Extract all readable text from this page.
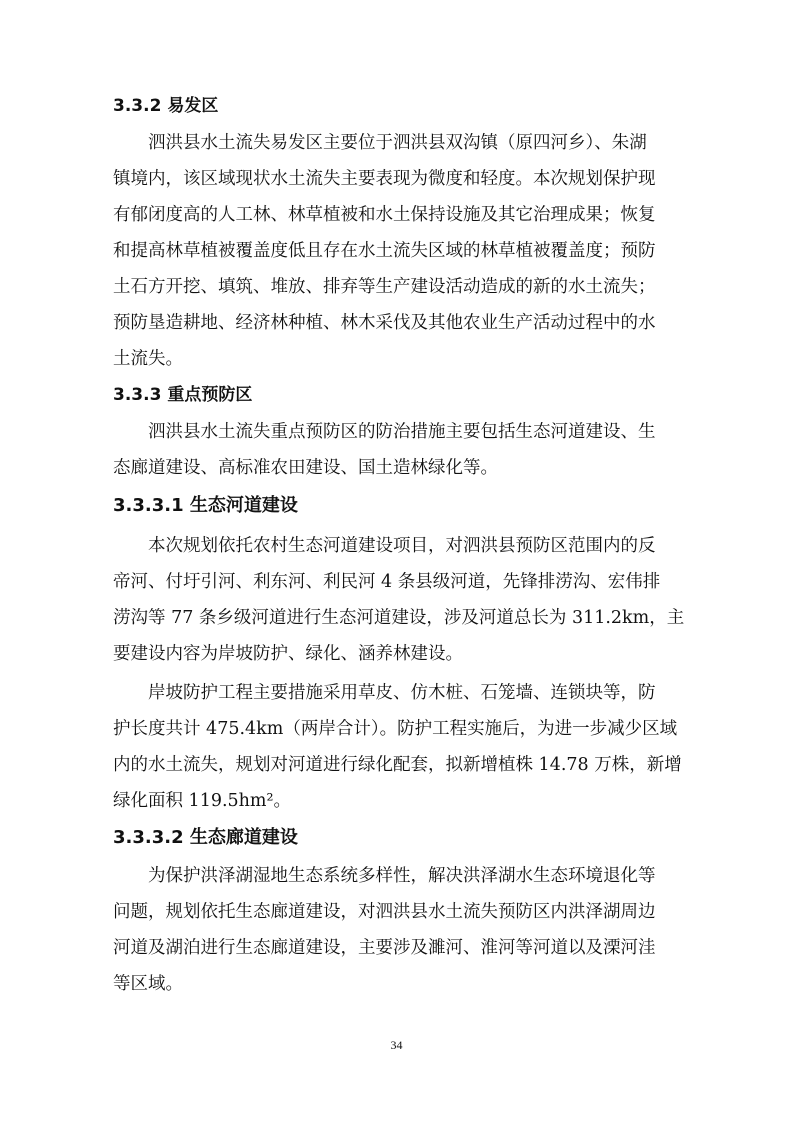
3.3.2 易发区

泗洪县水土流失易发区主要位于泗洪县双沟镇（原四河乡）、朱湖

镇境内，该区域现状水土流失主要表现为微度和轻度。本次规划保护现

有郁闭度高的人工林、林草植被和水土保持设施及其它治理成果；恢复

和提高林草植被覆盖度低且存在水土流失区域的林草植被覆盖度；预防

土石方开挖、填筑、堆放、排弃等生产建设活动造成的新的水土流失；

预防垦造耕地、经济林种植、林木采伐及其他农业生产活动过程中的水

土流失。

3.3.3 重点预防区

泗洪县水土流失重点预防区的防治措施主要包括生态河道建设、生

态廊道建设、高标准农田建设、国土造林绿化等。

3.3.3.1 生态河道建设

本次规划依托农村生态河道建设项目，对泗洪县预防区范围内的反

帝河、付圩引河、利东河、利民河 4 条县级河道，先锋排涝沟、宏伟排

涝沟等 77 条乡级河道进行生态河道建设，涉及河道总长为 311.2km，主

要建设内容为岸坡防护、绿化、涵养林建设。

岸坡防护工程主要措施采用草皮、仿木桩、石笼墙、连锁块等，防

护长度共计 475.4km（两岸合计）。防护工程实施后，为进一步减少区域

内的水土流失，规划对河道进行绿化配套，拟新增植株 14.78 万株，新增

绿化面积 119.5hm²。

3.3.3.2 生态廊道建设

为保护洪泽湖湿地生态系统多样性，解决洪泽湖水生态环境退化等

问题，规划依托生态廊道建设，对泗洪县水土流失预防区内洪泽湖周边

河道及湖泊进行生态廊道建设，主要涉及濉河、淮河等河道以及溧河洼

等区域。

34
